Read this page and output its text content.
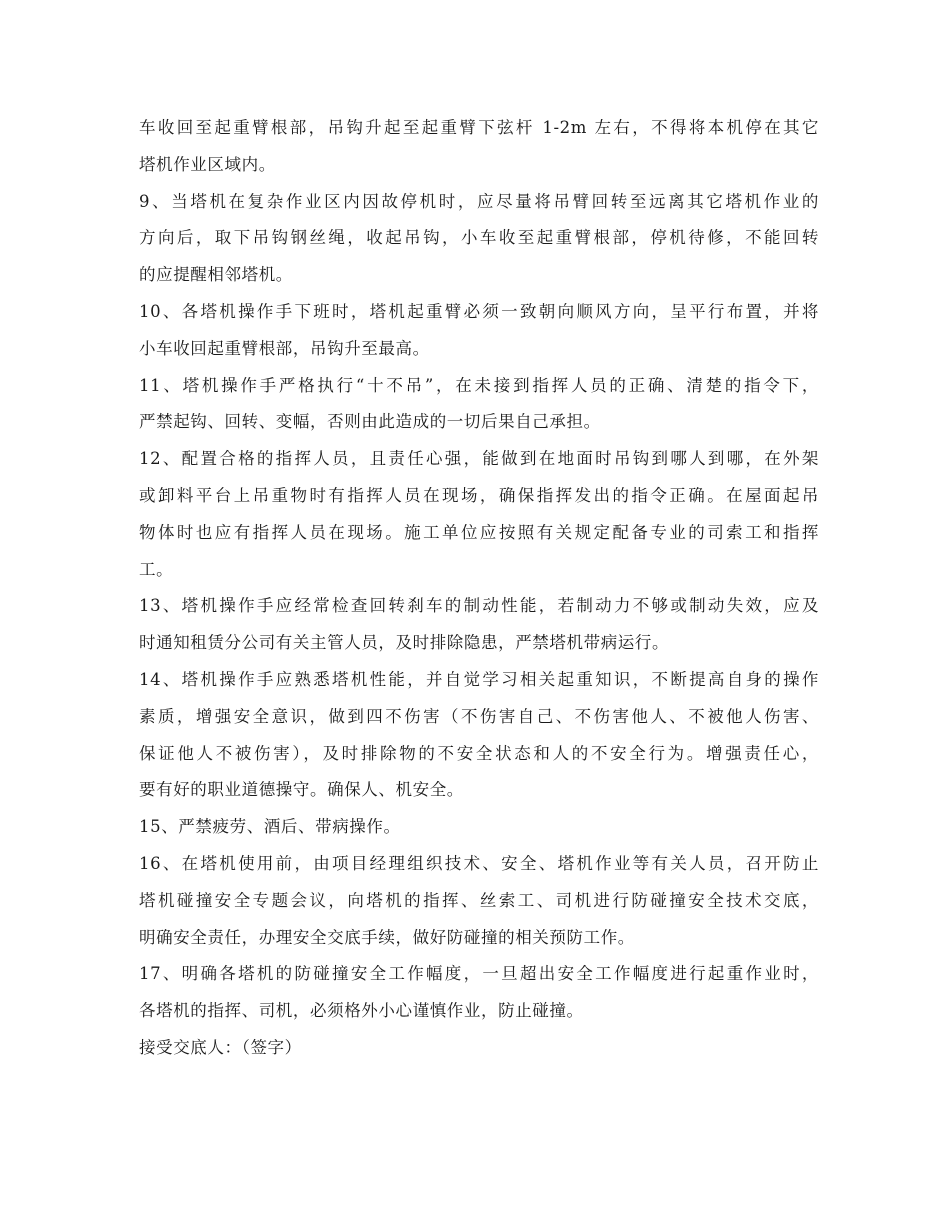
车收回至起重臂根部，吊钩升起至起重臂下弦杆 1-2m 左右，不得将本机停在其它
塔机作业区域内。
9、当塔机在复杂作业区内因故停机时，应尽量将吊臂回转至远离其它塔机作业的
方向后，取下吊钩钢丝绳，收起吊钩，小车收至起重臂根部，停机待修，不能回转
的应提醒相邻塔机。
10、各塔机操作手下班时，塔机起重臂必须一致朝向顺风方向，呈平行布置，并将
小车收回起重臂根部，吊钩升至最高。
11、塔机操作手严格执行“十不吊”，在未接到指挥人员的正确、清楚的指令下，
严禁起钩、回转、变幅，否则由此造成的一切后果自己承担。
12、配置合格的指挥人员，且责任心强，能做到在地面时吊钩到哪人到哪，在外架
或卸料平台上吊重物时有指挥人员在现场，确保指挥发出的指令正确。在屋面起吊
物体时也应有指挥人员在现场。施工单位应按照有关规定配备专业的司索工和指挥
工。
13、塔机操作手应经常检查回转刹车的制动性能，若制动力不够或制动失效，应及
时通知租赁分公司有关主管人员，及时排除隐患，严禁塔机带病运行。
14、塔机操作手应熟悉塔机性能，并自觉学习相关起重知识，不断提高自身的操作
素质，增强安全意识，做到四不伤害（不伤害自己、不伤害他人、不被他人伤害、
保证他人不被伤害），及时排除物的不安全状态和人的不安全行为。增强责任心，
要有好的职业道德操守。确保人、机安全。
15、严禁疲劳、酒后、带病操作。
16、在塔机使用前，由项目经理组织技术、安全、塔机作业等有关人员，召开防止
塔机碰撞安全专题会议，向塔机的指挥、丝索工、司机进行防碰撞安全技术交底，
明确安全责任，办理安全交底手续，做好防碰撞的相关预防工作。
17、明确各塔机的防碰撞安全工作幅度，一旦超出安全工作幅度进行起重作业时，
各塔机的指挥、司机，必须格外小心谨慎作业，防止碰撞。
接受交底人：（签字）
